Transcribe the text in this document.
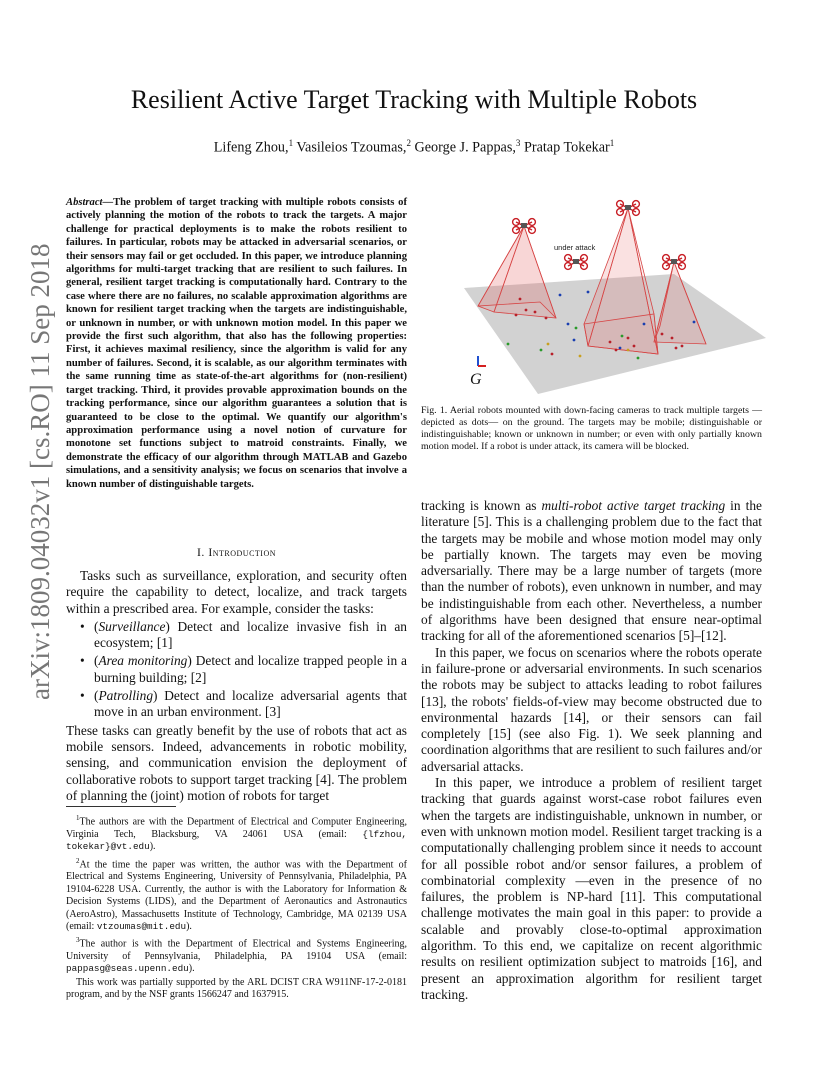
Resilient Active Target Tracking with Multiple Robots
Lifeng Zhou,$^1$ Vasileios Tzoumas,$^2$ George J. Pappas,$^3$ Pratap Tokekar$^1$
arXiv:1809.04032v1 [cs.RO] 11 Sep 2018
Abstract—The problem of target tracking with multiple robots consists of actively planning the motion of the robots to track the targets. A major challenge for practical deployments is to make the robots resilient to failures. In particular, robots may be attacked in adversarial scenarios, or their sensors may fail or get occluded. In this paper, we introduce planning algorithms for multi-target tracking that are resilient to such failures. In general, resilient target tracking is computationally hard. Contrary to the case where there are no failures, no scalable approximation algorithms are known for resilient target tracking when the targets are indistinguishable, or unknown in number, or with unknown motion model. In this paper we provide the first such algorithm, that also has the following properties: First, it achieves maximal resiliency, since the algorithm is valid for any number of failures. Second, it is scalable, as our algorithm terminates with the same running time as state-of-the-art algorithms for (non-resilient) target tracking. Third, it provides provable approximation bounds on the tracking performance, since our algorithm guarantees a solution that is guaranteed to be close to the optimal. We quantify our algorithm's approximation performance using a novel notion of curvature for monotone set functions subject to matroid constraints. Finally, we demonstrate the efficacy of our algorithm through MATLAB and Gazebo simulations, and a sensitivity analysis; we focus on scenarios that involve a known number of distinguishable targets.
I. Introduction

Tasks such as surveillance, exploration, and security often require the capability to detect, localize, and track targets within a prescribed area. For example, consider the tasks:

• (Surveillance) Detect and localize invasive fish in an ecosystem; [1]
• (Area monitoring) Detect and localize trapped people in a burning building; [2]
• (Patrolling) Detect and localize adversarial agents that move in an urban environment. [3]

These tasks can greatly benefit by the use of robots that act as mobile sensors. Indeed, advancements in robotic mobility, sensing, and communication envision the deployment of collaborative robots to support target tracking [4]. The problem of planning the (joint) motion of robots for target

$^1$The authors are with the Department of Electrical and Computer Engineering, Virginia Tech, Blacksburg, VA 24061 USA (email: {lfzhou, tokekar}@vt.edu).

$^2$At the time the paper was written, the author was with the Department of Electrical and Systems Engineering, University of Pennsylvania, Philadelphia, PA 19104-6228 USA. Currently, the author is with the Laboratory for Information & Decision Systems (LIDS), and the Department of Aeronautics and Astronautics (AeroAstro), Massachusetts Institute of Technology, Cambridge, MA 02139 USA (email: vtzoumas@mit.edu).

$^3$The author is with the Department of Electrical and Systems Engineering, University of Pennsylvania, Philadelphia, PA 19104 USA (email: pappasg@seas.upenn.edu).

This work was partially supported by the ARL DCIST CRA W911NF-17-2-0181 program, and by the NSF grants 1566247 and 1637915.

under attack
G
Fig. 1. Aerial robots mounted with down-facing cameras to track multiple targets —depicted as dots— on the ground. The targets may be mobile; distinguishable or indistinguishable; known or unknown in number; or even with only partially known motion model. If a robot is under attack, its camera will be blocked.

tracking is known as multi-robot active target tracking in the literature [5]. This is a challenging problem due to the fact that the targets may be mobile and whose motion model may only be partially known. The targets may even be moving adversarially. There may be a large number of targets (more than the number of robots), even unknown in number, and may be indistinguishable from each other. Nevertheless, a number of algorithms have been designed that ensure near-optimal tracking for all of the aforementioned scenarios [5]–[12].

In this paper, we focus on scenarios where the robots operate in failure-prone or adversarial environments. In such scenarios the robots may be subject to attacks leading to robot failures [13], the robots' fields-of-view may become obstructed due to environmental hazards [14], or their sensors can fail completely [15] (see also Fig. 1). We seek planning and coordination algorithms that are resilient to such failures and/or adversarial attacks.

In this paper, we introduce a problem of resilient target tracking that guards against worst-case robot failures even when the targets are indistinguishable, unknown in number, or even with unknown motion model. Resilient target tracking is a computationally challenging problem since it needs to account for all possible robot and/or sensor failures, a problem of combinatorial complexity —even in the presence of no failures, the problem is NP-hard [11]. This computational challenge motivates the main goal in this paper: to provide a scalable and provably close-to-optimal approximation algorithm. To this end, we capitalize on recent algorithmic results on resilient optimization subject to matroids [16], and present an approximation algorithm for resilient target tracking.
